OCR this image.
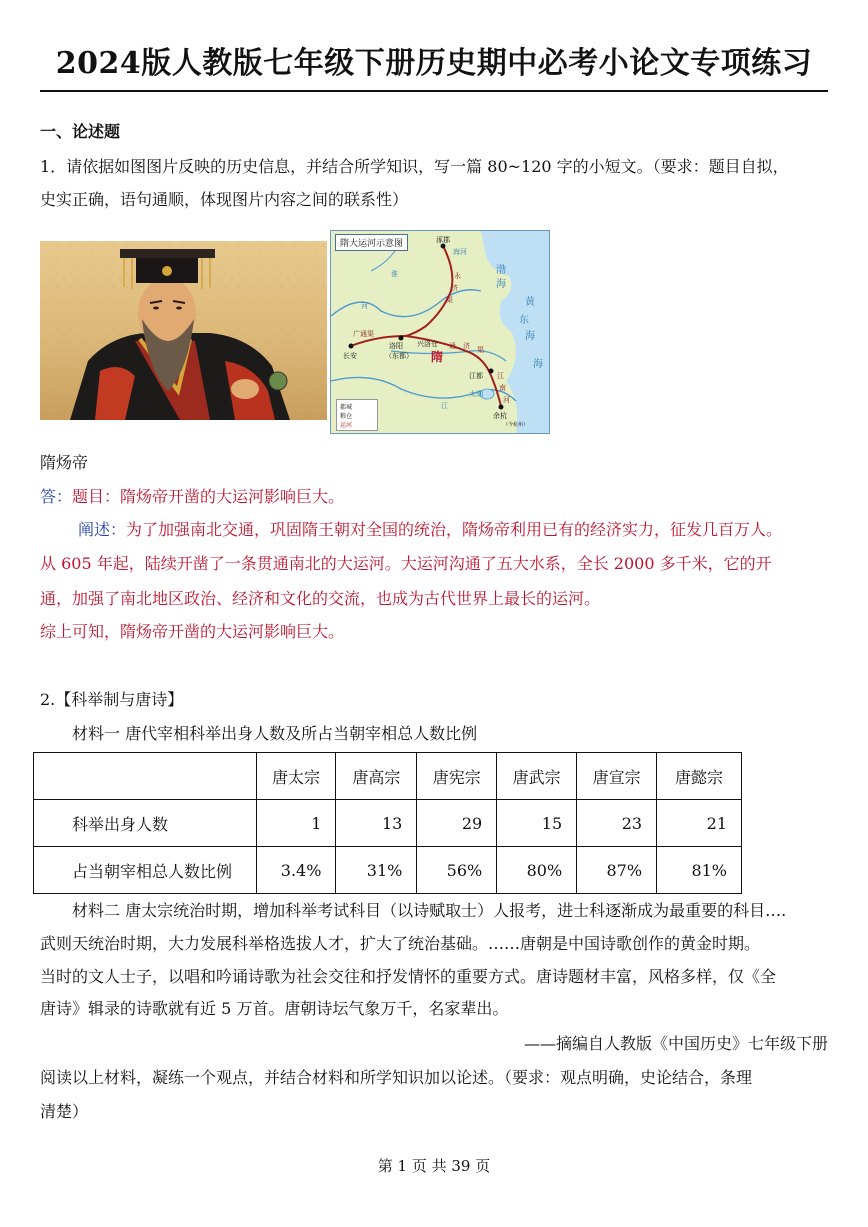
2024版人教版七年级下册历史期中必考小论文专项练习
一、论述题
1．请依据如图图片反映的历史信息，并结合所学知识，写一篇 80~120 字的小短文。（要求：题目自拟，
史实正确，语句通顺，体现图片内容之间的联系性）
隋大运河示意图	涿郡
海河
永
济
渠
通 济 渠
江
南
河
广通渠
洛阳
（东都）
兴洛仓
长安
江都
余杭
（今杭州）
隋
渤
海
黄
海
东
海
河
淮
江
太湖
都城
粮仓
运河
隋炀帝
答：题目：隋炀帝开凿的大运河影响巨大。
阐述：为了加强南北交通，巩固隋王朝对全国的统治，隋炀帝利用已有的经济实力，征发几百万人。
从 605 年起，陆续开凿了一条贯通南北的大运河。大运河沟通了五大水系，全长 2000 多千米，它的开
通，加强了南北地区政治、经济和文化的交流，也成为古代世界上最长的运河。
综上可知，隋炀帝开凿的大运河影响巨大。
2.【科举制与唐诗】
材料一 唐代宰相科举出身人数及所占当朝宰相总人数比例
	唐太宗	唐高宗	唐宪宗	唐武宗	唐宣宗	唐懿宗
科举出身人数	1	13	29	15	23	21
占当朝宰相总人数比例	3.4%	31%	56%	80%	87%	81%
材料二 唐太宗统治时期，增加科举考试科目（以诗赋取士）人报考，进士科逐渐成为最重要的科目….
武则天统治时期，大力发展科举格选拔人才，扩大了统治基础。……唐朝是中国诗歌创作的黄金时期。
当时的文人士子，以唱和吟诵诗歌为社会交往和抒发情怀的重要方式。唐诗题材丰富，风格多样，仅《全
唐诗》辑录的诗歌就有近 5 万首。唐朝诗坛气象万千，名家辈出。
——摘编自人教版《中国历史》七年级下册
阅读以上材料，凝练一个观点，并结合材料和所学知识加以论述。（要求：观点明确，史论结合，条理
清楚）
第 1 页 共 39 页
